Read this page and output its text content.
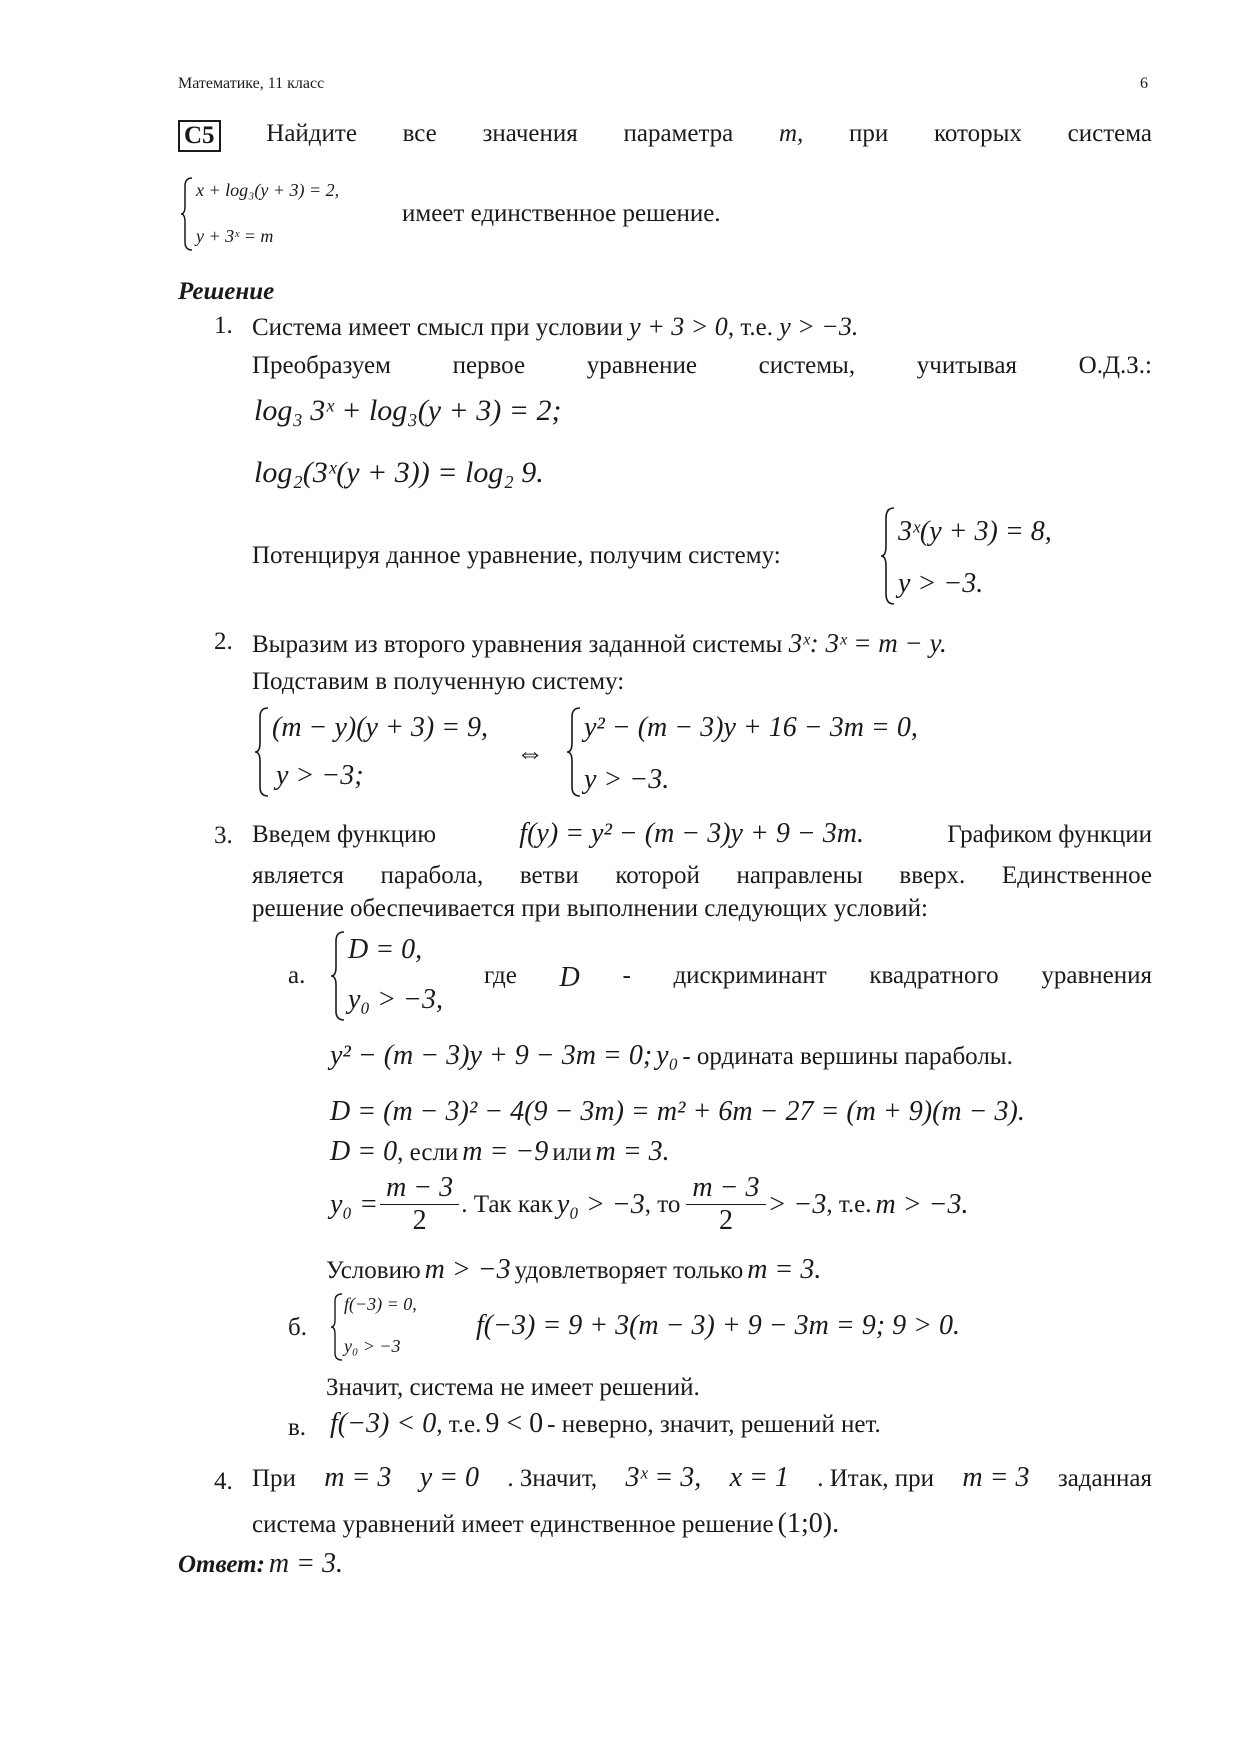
Математике, 11 класс	6
С5 Найдите все значения параметра m, при которых система
x + log₃(y + 3) = 2,
y + 3ˣ = m
имеет единственное решение.
Решение
1. Система имеет смысл при условии y + 3 > 0, т.е. y > −3.
Преобразуем первое уравнение системы, учитывая О.Д.З.:
log₃ 3ˣ + log₃(y + 3) = 2;
log₂(3ˣ(y + 3)) = log₂ 9.
Потенцируя данное уравнение, получим систему:
3ˣ(y + 3) = 8,
y > −3.
2. Выразим из второго уравнения заданной системы 3ˣ: 3ˣ = m − y.
Подставим в полученную систему:
(m − y)(y + 3) = 9,
y > −3;
⇔
y² − (m − 3)y + 16 − 3m = 0,
y > −3.
3. Введем функцию	f(y) = y² − (m − 3)y + 9 − 3m.	Графиком функции
является парабола, ветви которой направлены вверх. Единственное
решение обеспечивается при выполнении следующих условий:
а.
D = 0,
y₀ > −3,
где D - дискриминант квадратного уравнения
y² − (m − 3)y + 9 − 3m = 0; y₀ - ордината вершины параболы.
D = (m − 3)² − 4(9 − 3m) = m² + 6m − 27 = (m + 9)(m − 3).
D = 0, если m = −9 или m = 3.
$y_0 = \frac{m - 3}{2}$ . Так как
y₀ > −3 , то
$\frac{m - 3}{2} > -3$ , т.е.
m > −3.
Условию m > −3 удовлетворяет только m = 3.
б.
f(−3) = 0,
y₀ > −3
f(−3) = 9 + 3(m − 3) + 9 − 3m = 9; 9 > 0.
Значит, система не имеет решений.
в. f(−3) < 0, т.е. 9 < 0 - неверно, значит, решений нет.
4. При m = 3 y = 0 . Значит, 3ˣ = 3, x = 1 . Итак, при m = 3 заданная
система уравнений имеет единственное решение (1;0).
Ответ: m = 3.
